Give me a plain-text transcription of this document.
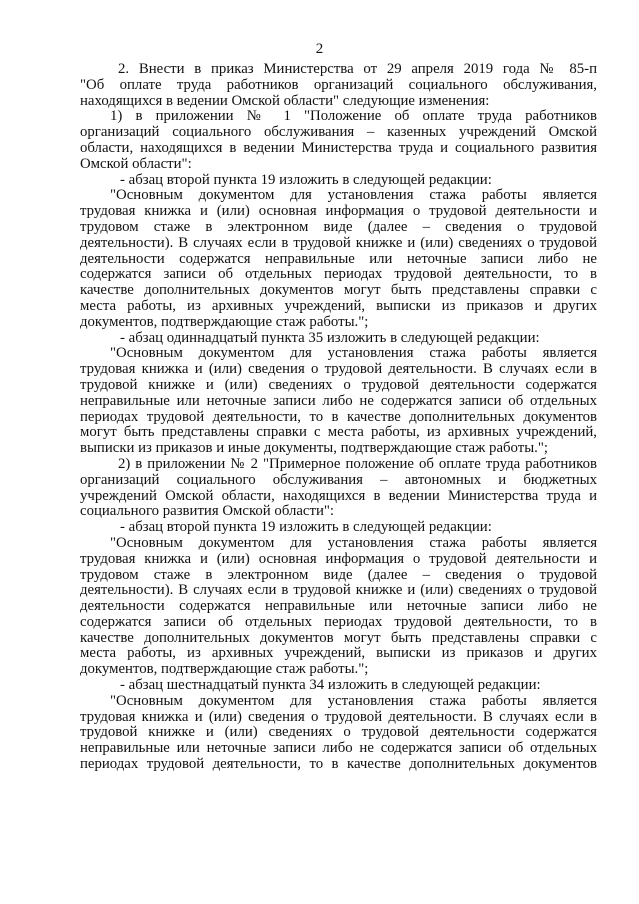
2
2. Внести в приказ Министерства от 29 апреля 2019 года № 85-п
"Об оплате труда работников организаций социального обслуживания,
находящихся в ведении Омской области" следующие изменения:
1) в приложении № 1 "Положение об оплате труда работников
организаций социального обслуживания – казенных учреждений Омской
области, находящихся в ведении Министерства труда и социального развития
Омской области":
- абзац второй пункта 19 изложить в следующей редакции:
"Основным документом для установления стажа работы является
трудовая книжка и (или) основная информация о трудовой деятельности и
трудовом стаже в электронном виде (далее – сведения о трудовой
деятельности). В случаях если в трудовой книжке и (или) сведениях о трудовой
деятельности содержатся неправильные или неточные записи либо не
содержатся записи об отдельных периодах трудовой деятельности, то в
качестве дополнительных документов могут быть представлены справки с
места работы, из архивных учреждений, выписки из приказов и других
документов, подтверждающие стаж работы.";
- абзац одиннадцатый пункта 35 изложить в следующей редакции:
"Основным документом для установления стажа работы является
трудовая книжка и (или) сведения о трудовой деятельности. В случаях если в
трудовой книжке и (или) сведениях о трудовой деятельности содержатся
неправильные или неточные записи либо не содержатся записи об отдельных
периодах трудовой деятельности, то в качестве дополнительных документов
могут быть представлены справки с места работы, из архивных учреждений,
выписки из приказов и иные документы, подтверждающие стаж работы.";
2) в приложении № 2 "Примерное положение об оплате труда работников
организаций социального обслуживания – автономных и бюджетных
учреждений Омской области, находящихся в ведении Министерства труда и
социального развития Омской области":
- абзац второй пункта 19 изложить в следующей редакции:
"Основным документом для установления стажа работы является
трудовая книжка и (или) основная информация о трудовой деятельности и
трудовом стаже в электронном виде (далее – сведения о трудовой
деятельности). В случаях если в трудовой книжке и (или) сведениях о трудовой
деятельности содержатся неправильные или неточные записи либо не
содержатся записи об отдельных периодах трудовой деятельности, то в
качестве дополнительных документов могут быть представлены справки с
места работы, из архивных учреждений, выписки из приказов и других
документов, подтверждающие стаж работы.";
- абзац шестнадцатый пункта 34 изложить в следующей редакции:
"Основным документом для установления стажа работы является
трудовая книжка и (или) сведения о трудовой деятельности. В случаях если в
трудовой книжке и (или) сведениях о трудовой деятельности содержатся
неправильные или неточные записи либо не содержатся записи об отдельных
периодах трудовой деятельности, то в качестве дополнительных документов
